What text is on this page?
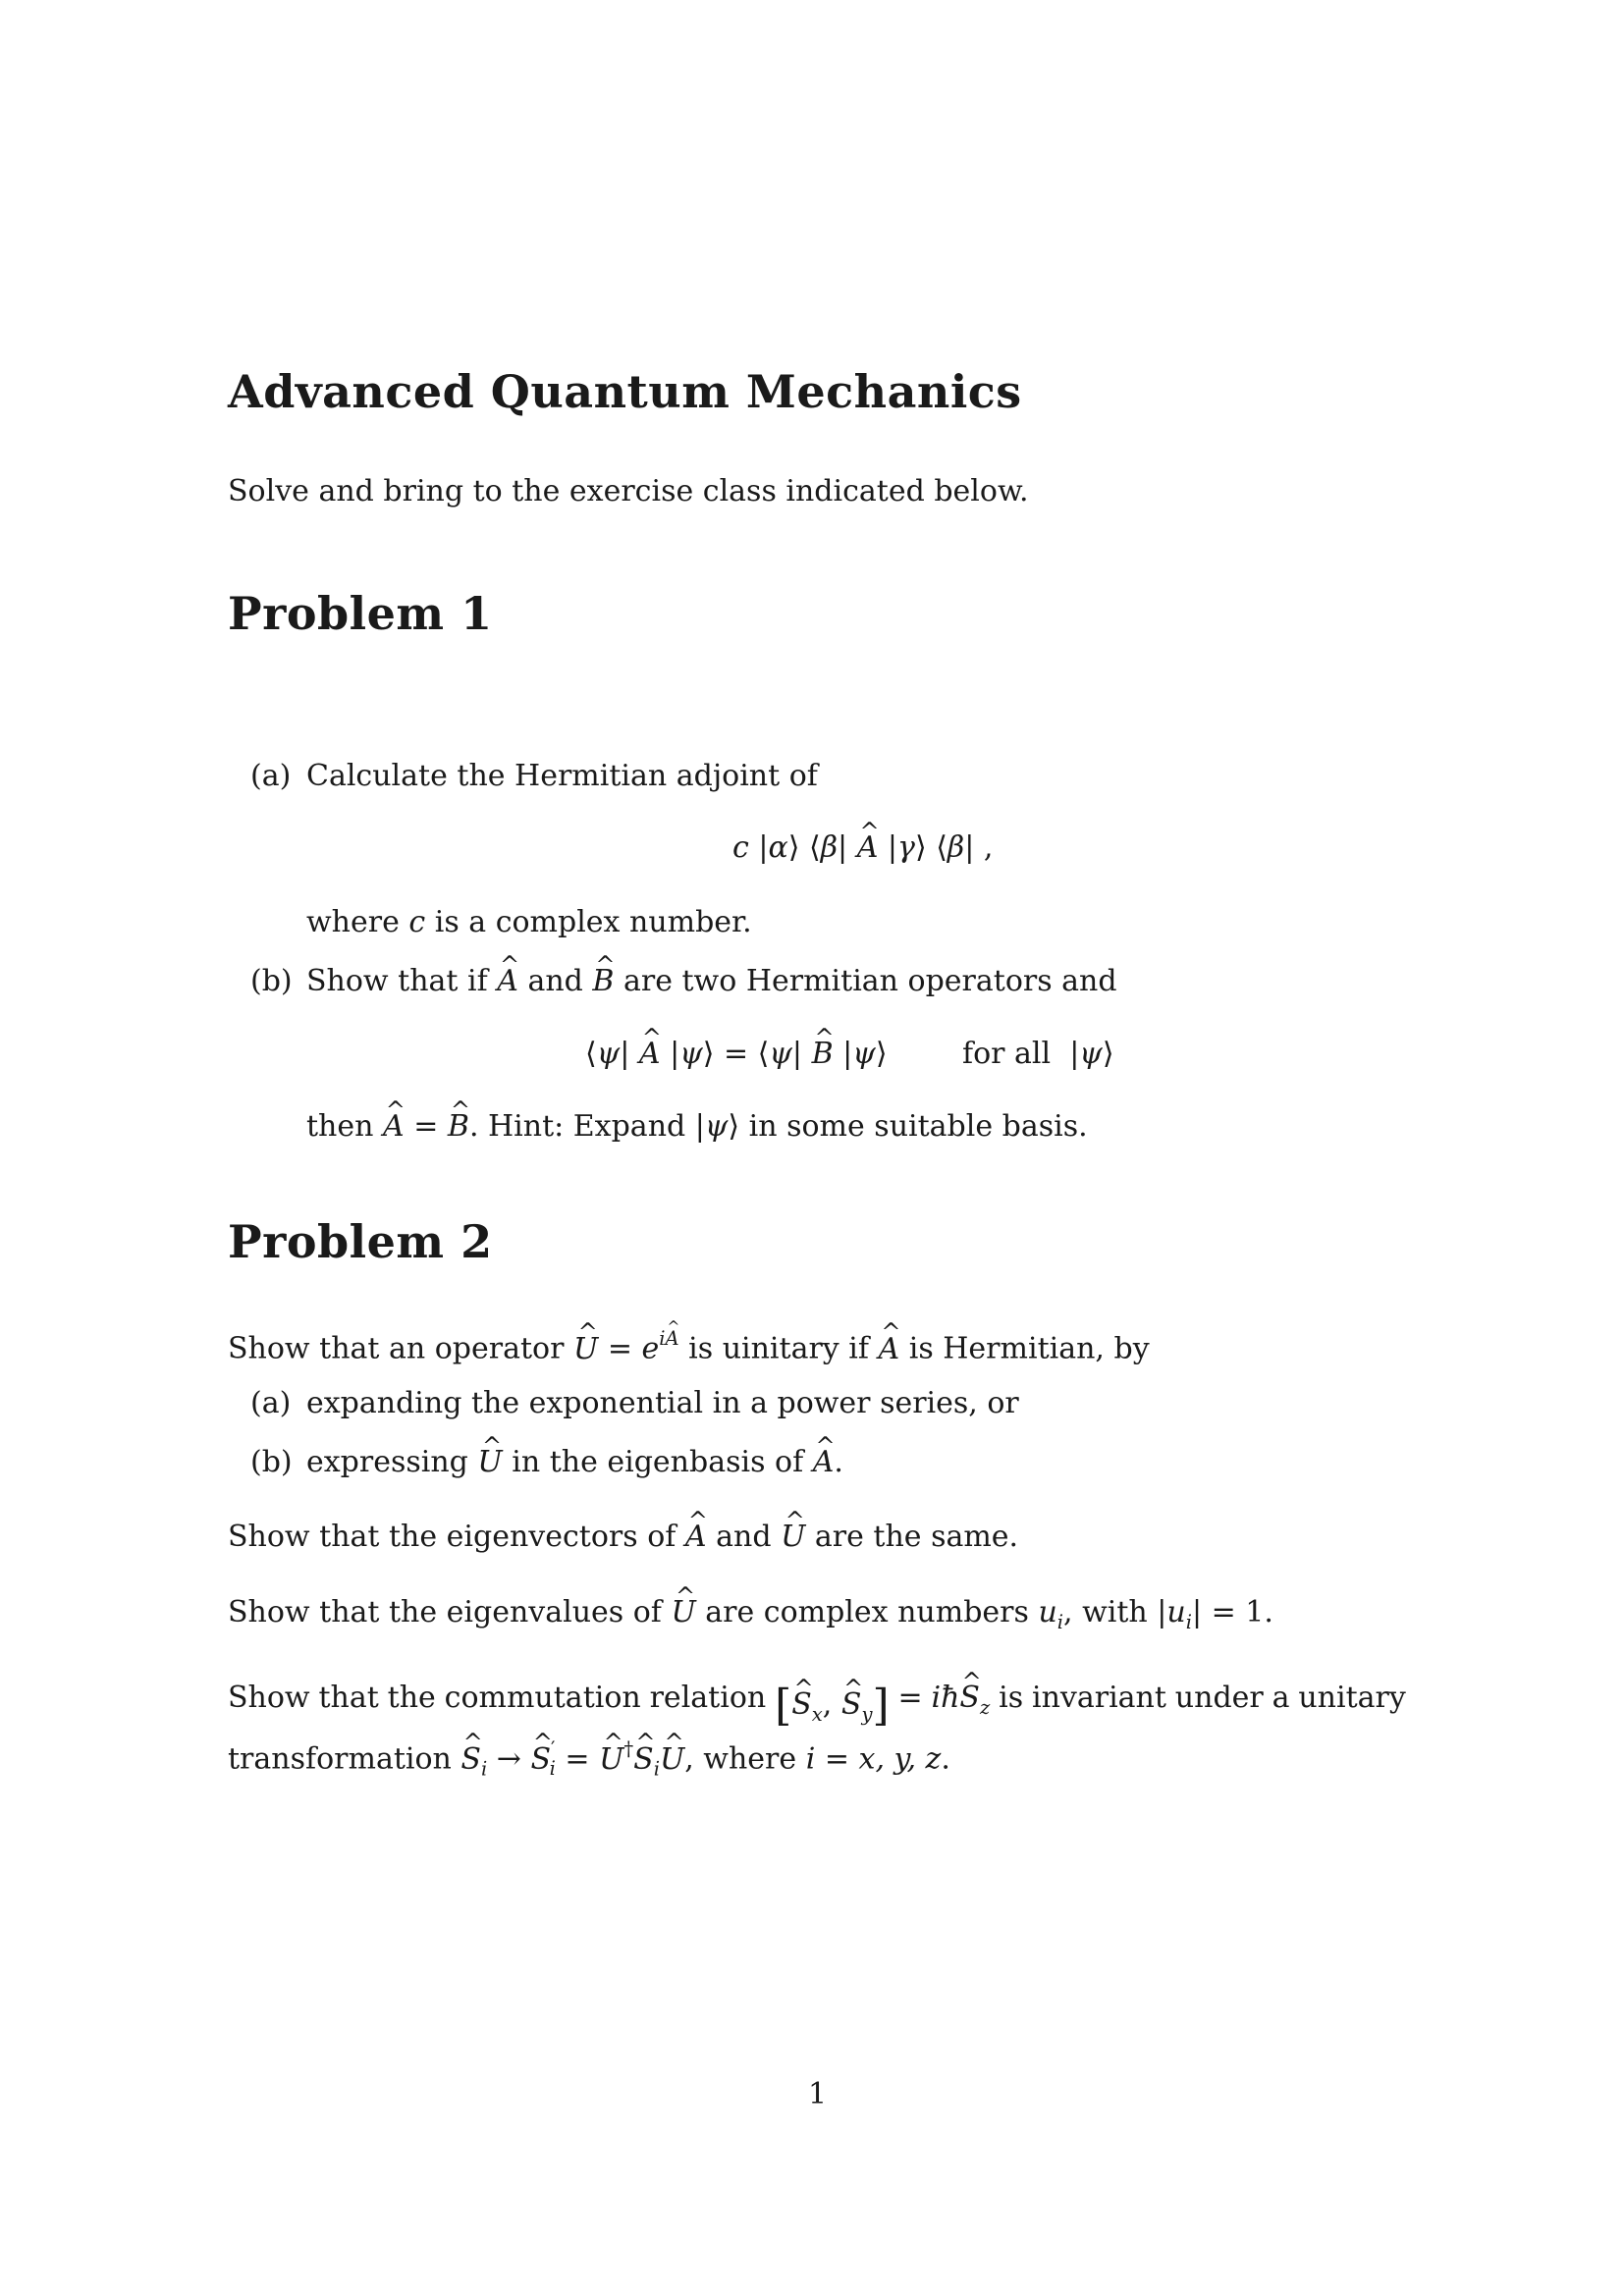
Advanced Quantum Mechanics
Solve and bring to the exercise class indicated below.
Problem 1
(a) Calculate the Hermitian adjoint of
c |α⟩ ⟨β| ^ A |γ⟩ ⟨β| ,
where c is a complex number.
(b) Show that if ^ A and ^ B are two Hermitian operators and
⟨ψ| ^ A |ψ⟩ = ⟨ψ| ^ B |ψ⟩	for all  |ψ⟩
then ^ A = ^ B. Hint: Expand |ψ⟩ in some suitable basis.
Problem 2
Show that an operator ^ $U = e^{i\^{} A}$ is uinitary if ^ A is Hermitian, by
(a) expanding the exponential in a power series, or
(b) expressing ^ U in the eigenbasis of ^ A.
Show that the eigenvectors of ^ A and ^ U are the same.
Show that the eigenvalues of ^ U are complex numbers $u_i$, with $|u_i| = 1$.
Show that the commutation relation [^ $S_x$, ^ $S_y$] = iħ^ $S_z$ is invariant under a unitary
transformation ^ $S_i$ → ^ $S'_i$ = ^ U†^ $S_i\^{}$ U, where i = x, y, z.
1
